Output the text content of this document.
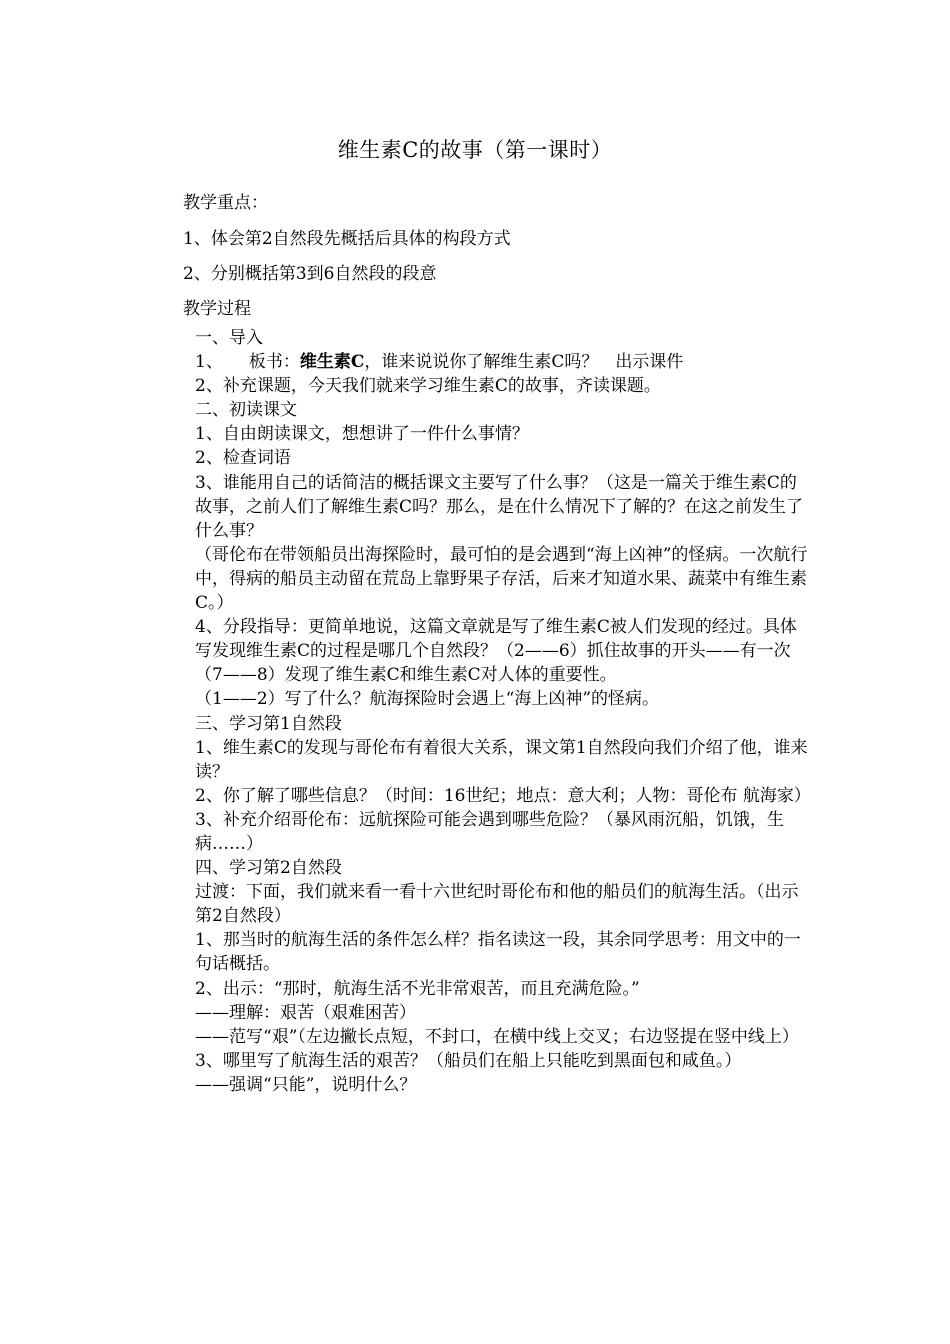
维生素C的故事（第一课时）
教学重点：
1、体会第2自然段先概括后具体的构段方式
2、分别概括第3到6自然段的段意
教学过程

一、导入

1、 板书：维生素C，谁来说说你了解维生素C吗？　出示课件

2、补充课题，今天我们就来学习维生素C的故事，齐读课题。

二、初读课文

1、自由朗读课文，想想讲了一件什么事情？

2、检查词语

3、谁能用自己的话简洁的概括课文主要写了什么事？（这是一篇关于维生素C的故事，之前人们了解维生素C吗？那么，是在什么情况下了解的？在这之前发生了什么事？

（哥伦布在带领船员出海探险时，最可怕的是会遇到“海上凶神”的怪病。一次航行中，得病的船员主动留在荒岛上靠野果子存活，后来才知道水果、蔬菜中有维生素C。）

4、分段指导：更简单地说，这篇文章就是写了维生素C被人们发现的经过。具体写发现维生素C的过程是哪几个自然段？（2——6）抓住故事的开头——有一次

（7——8）发现了维生素C和维生素C对人体的重要性。

（1——2）写了什么？航海探险时会遇上“海上凶神”的怪病。

三、学习第1自然段

1、维生素C的发现与哥伦布有着很大关系，课文第1自然段向我们介绍了他，谁来读？

2、你了解了哪些信息？（时间：16世纪；地点：意大利；人物：哥伦布 航海家）

3、补充介绍哥伦布：远航探险可能会遇到哪些危险？（暴风雨沉船，饥饿，生病……）

四、学习第2自然段

过渡：下面，我们就来看一看十六世纪时哥伦布和他的船员们的航海生活。（出示第2自然段）

1、那当时的航海生活的条件怎么样？指名读这一段，其余同学思考：用文中的一句话概括。

2、出示：“那时，航海生活不光非常艰苦，而且充满危险。”

——理解：艰苦（艰难困苦）

——范写“艰”（左边撇长点短，不封口，在横中线上交叉；右边竖提在竖中线上）

3、哪里写了航海生活的艰苦？（船员们在船上只能吃到黑面包和咸鱼。）

——强调“只能”，说明什么？
